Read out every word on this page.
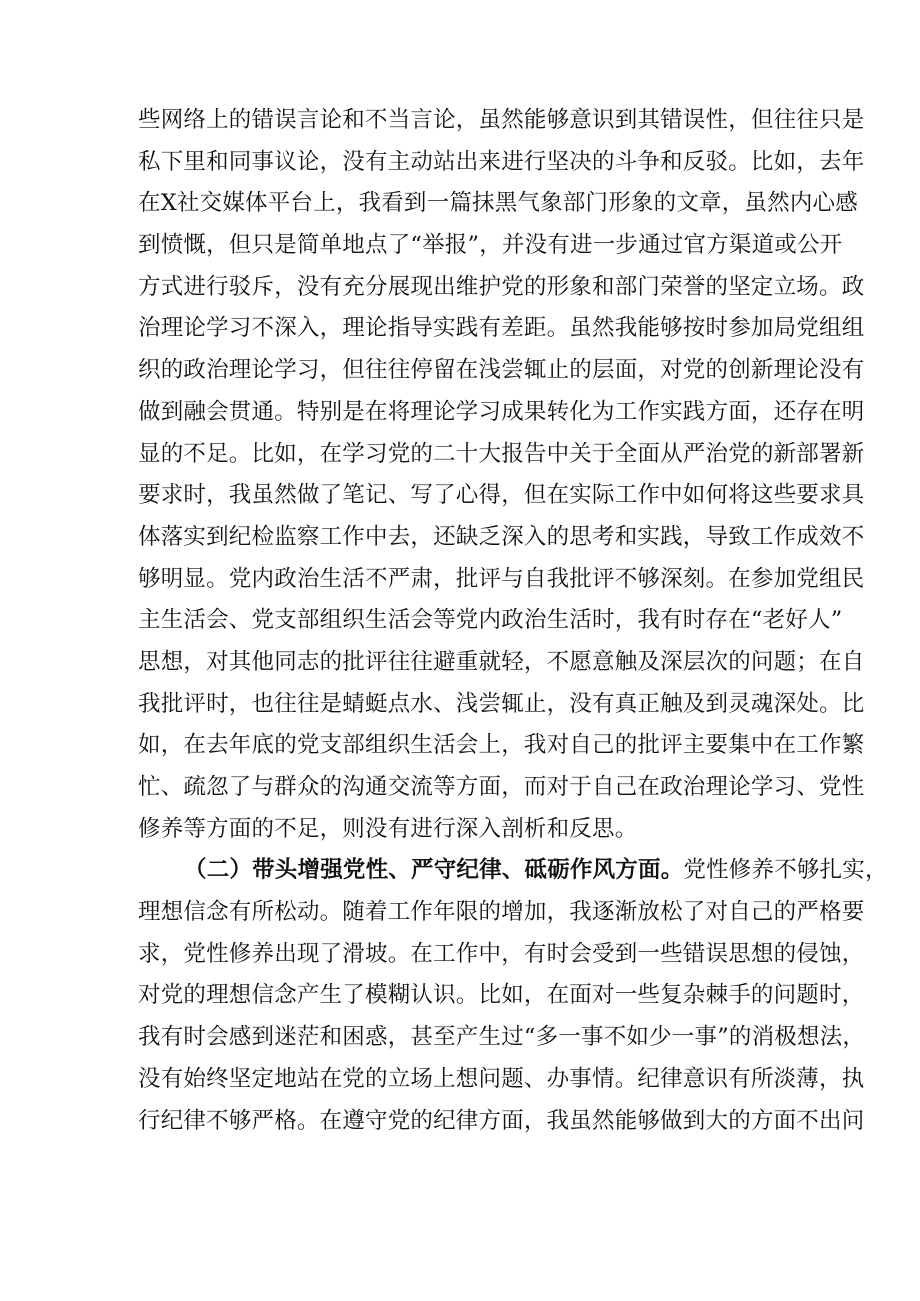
些网络上的错误言论和不当言论，虽然能够意识到其错误性，但往往只是
私下里和同事议论，没有主动站出来进行坚决的斗争和反驳。比如，去年
在X社交媒体平台上，我看到一篇抹黑气象部门形象的文章，虽然内心感
到愤慨，但只是简单地点了“举报”，并没有进一步通过官方渠道或公开
方式进行驳斥，没有充分展现出维护党的形象和部门荣誉的坚定立场。政
治理论学习不深入，理论指导实践有差距。虽然我能够按时参加局党组组
织的政治理论学习，但往往停留在浅尝辄止的层面，对党的创新理论没有
做到融会贯通。特别是在将理论学习成果转化为工作实践方面，还存在明
显的不足。比如，在学习党的二十大报告中关于全面从严治党的新部署新
要求时，我虽然做了笔记、写了心得，但在实际工作中如何将这些要求具
体落实到纪检监察工作中去，还缺乏深入的思考和实践，导致工作成效不
够明显。党内政治生活不严肃，批评与自我批评不够深刻。在参加党组民
主生活会、党支部组织生活会等党内政治生活时，我有时存在“老好人”
思想，对其他同志的批评往往避重就轻，不愿意触及深层次的问题；在自
我批评时，也往往是蜻蜓点水、浅尝辄止，没有真正触及到灵魂深处。比
如，在去年底的党支部组织生活会上，我对自己的批评主要集中在工作繁
忙、疏忽了与群众的沟通交流等方面，而对于自己在政治理论学习、党性
修养等方面的不足，则没有进行深入剖析和反思。
（二）带头增强党性、严守纪律、砥砺作风方面。党性修养不够扎实，
理想信念有所松动。随着工作年限的增加，我逐渐放松了对自己的严格要
求，党性修养出现了滑坡。在工作中，有时会受到一些错误思想的侵蚀，
对党的理想信念产生了模糊认识。比如，在面对一些复杂棘手的问题时，
我有时会感到迷茫和困惑，甚至产生过“多一事不如少一事”的消极想法，
没有始终坚定地站在党的立场上想问题、办事情。纪律意识有所淡薄，执
行纪律不够严格。在遵守党的纪律方面，我虽然能够做到大的方面不出问
